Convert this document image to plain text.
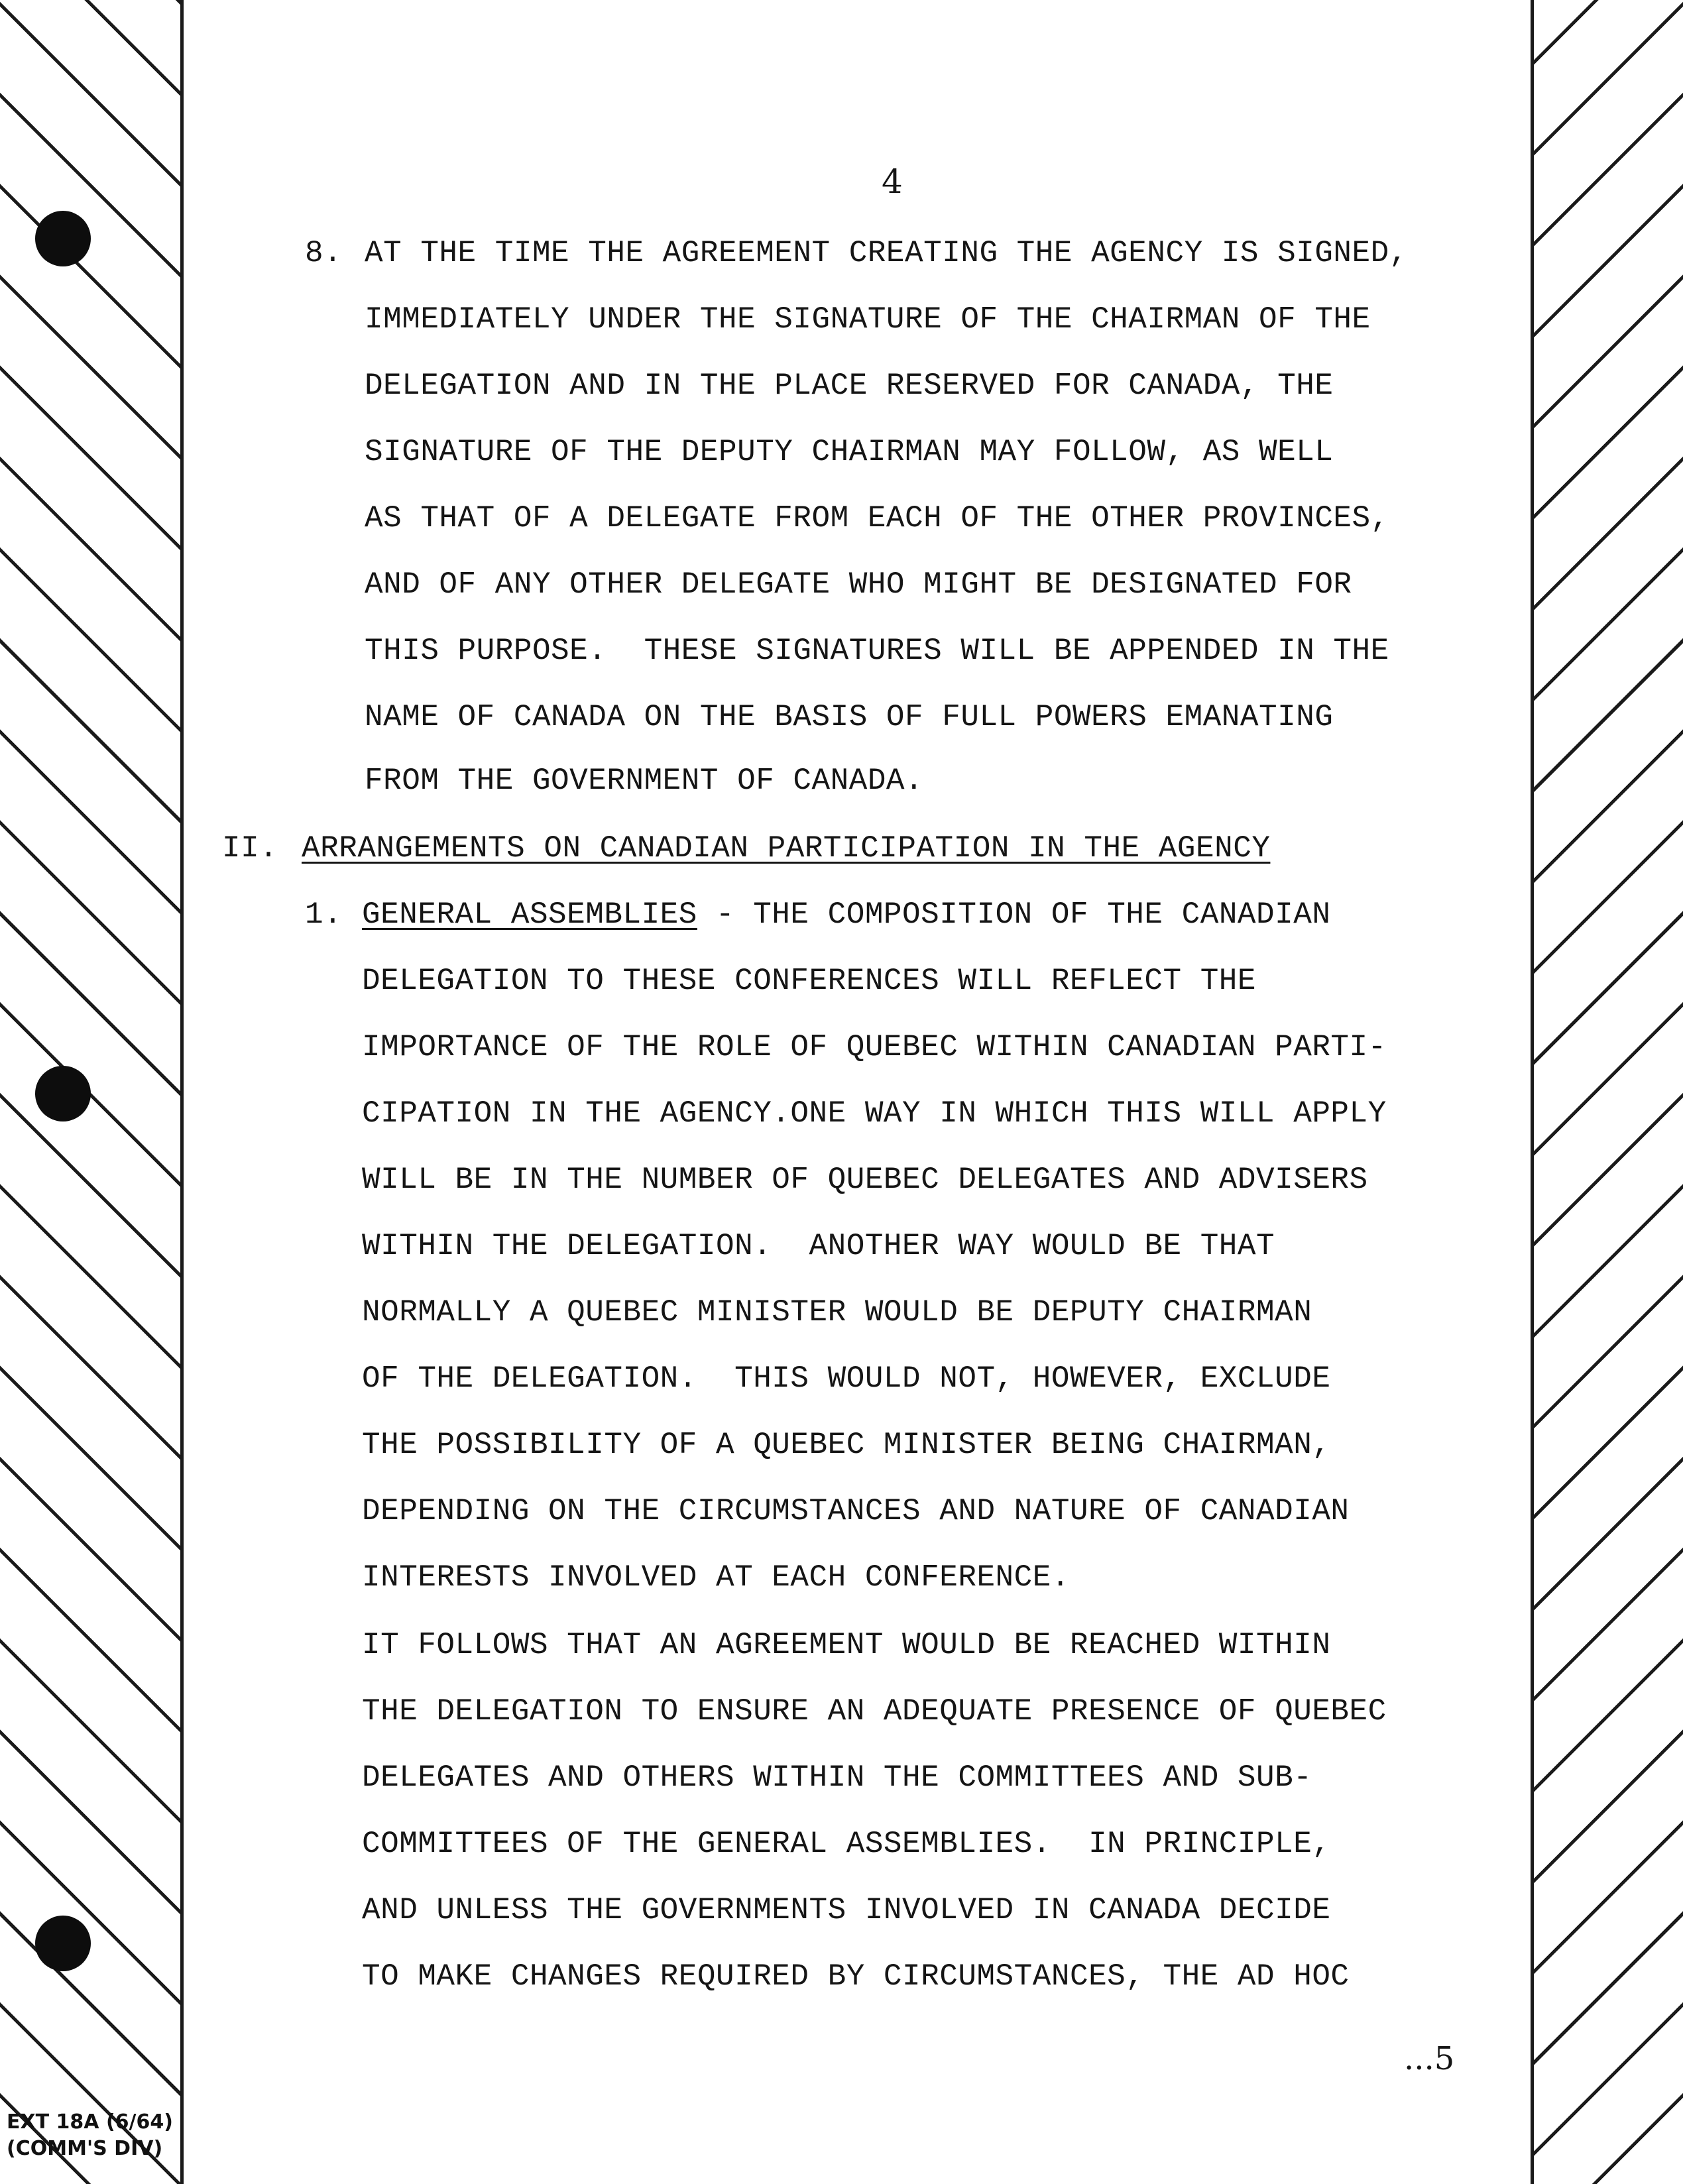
4
8. AT THE TIME THE AGREEMENT CREATING THE AGENCY IS SIGNED,
IMMEDIATELY UNDER THE SIGNATURE OF THE CHAIRMAN OF THE
DELEGATION AND IN THE PLACE RESERVED FOR CANADA, THE
SIGNATURE OF THE DEPUTY CHAIRMAN MAY FOLLOW, AS WELL
AS THAT OF A DELEGATE FROM EACH OF THE OTHER PROVINCES,
AND OF ANY OTHER DELEGATE WHO MIGHT BE DESIGNATED FOR
THIS PURPOSE.  THESE SIGNATURES WILL BE APPENDED IN THE
NAME OF CANADA ON THE BASIS OF FULL POWERS EMANATING
FROM THE GOVERNMENT OF CANADA.
II. ARRANGEMENTS ON CANADIAN PARTICIPATION IN THE AGENCY
1. GENERAL ASSEMBLIES - THE COMPOSITION OF THE CANADIAN
DELEGATION TO THESE CONFERENCES WILL REFLECT THE
IMPORTANCE OF THE ROLE OF QUEBEC WITHIN CANADIAN PARTI-
CIPATION IN THE AGENCY.ONE WAY IN WHICH THIS WILL APPLY
WILL BE IN THE NUMBER OF QUEBEC DELEGATES AND ADVISERS
WITHIN THE DELEGATION.  ANOTHER WAY WOULD BE THAT
NORMALLY A QUEBEC MINISTER WOULD BE DEPUTY CHAIRMAN
OF THE DELEGATION.  THIS WOULD NOT, HOWEVER, EXCLUDE
THE POSSIBILITY OF A QUEBEC MINISTER BEING CHAIRMAN,
DEPENDING ON THE CIRCUMSTANCES AND NATURE OF CANADIAN
INTERESTS INVOLVED AT EACH CONFERENCE.
IT FOLLOWS THAT AN AGREEMENT WOULD BE REACHED WITHIN
THE DELEGATION TO ENSURE AN ADEQUATE PRESENCE OF QUEBEC
DELEGATES AND OTHERS WITHIN THE COMMITTEES AND SUB-
COMMITTEES OF THE GENERAL ASSEMBLIES.  IN PRINCIPLE,
AND UNLESS THE GOVERNMENTS INVOLVED IN CANADA DECIDE
TO MAKE CHANGES REQUIRED BY CIRCUMSTANCES, THE AD HOC
...5
EXT 18A (6/64)
(COMM'S DIV)
